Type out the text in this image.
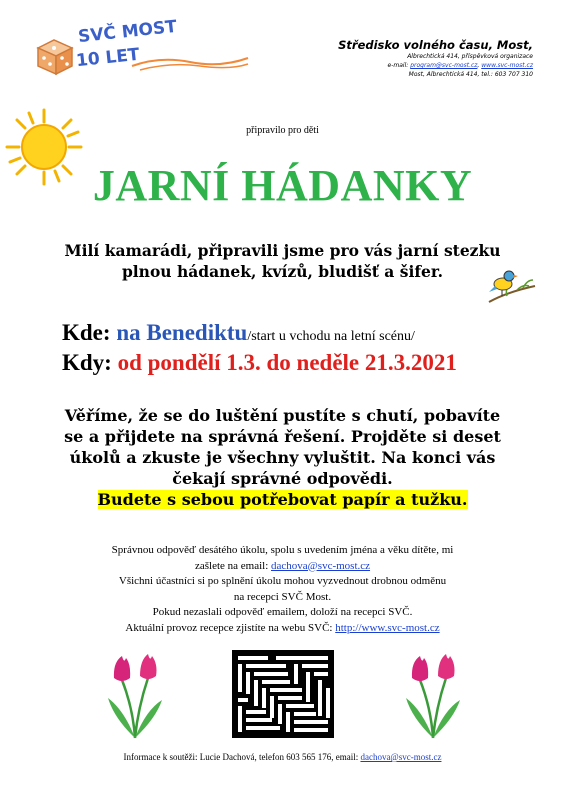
SVČ MOST
10 LET	Středisko volného času, Most,
Albrechtická 414, příspěvková organizace
e-mail: program@svc-most.cz, www.svc-most.cz
Most, Albrechtická 414, tel.: 603 707 310
připravilo pro děti
JARNÍ HÁDANKY
Milí kamarádi, připravili jsme pro vás jarní stezku
plnou hádanek, kvízů, bludišť a šifer.
Kde: na Benediktu/start u vchodu na letní scénu/
Kdy: od pondělí 1.3. do neděle 21.3.2021
Věříme, že se do luštění pustíte s chutí, pobavíte
se a přijdete na správná řešení. Projděte si deset
úkolů a zkuste je všechny vyluštit. Na konci vás
čekají správné odpovědi.
Budete s sebou potřebovat papír a tužku.
Správnou odpověď desátého úkolu, spolu s uvedením jména a věku dítěte, mi
zašlete na email: dachova@svc-most.cz
Všichni účastníci si po splnění úkolu mohou vyzvednout drobnou odměnu
na recepci SVČ Most.
Pokud nezaslali odpověď emailem, doloží na recepci SVČ.
Aktuální provoz recepce zjistíte na webu SVČ: http://www.svc-most.cz
Informace k soutěži: Lucie Dachová, telefon 603 565 176, email: dachova@svc-most.cz
